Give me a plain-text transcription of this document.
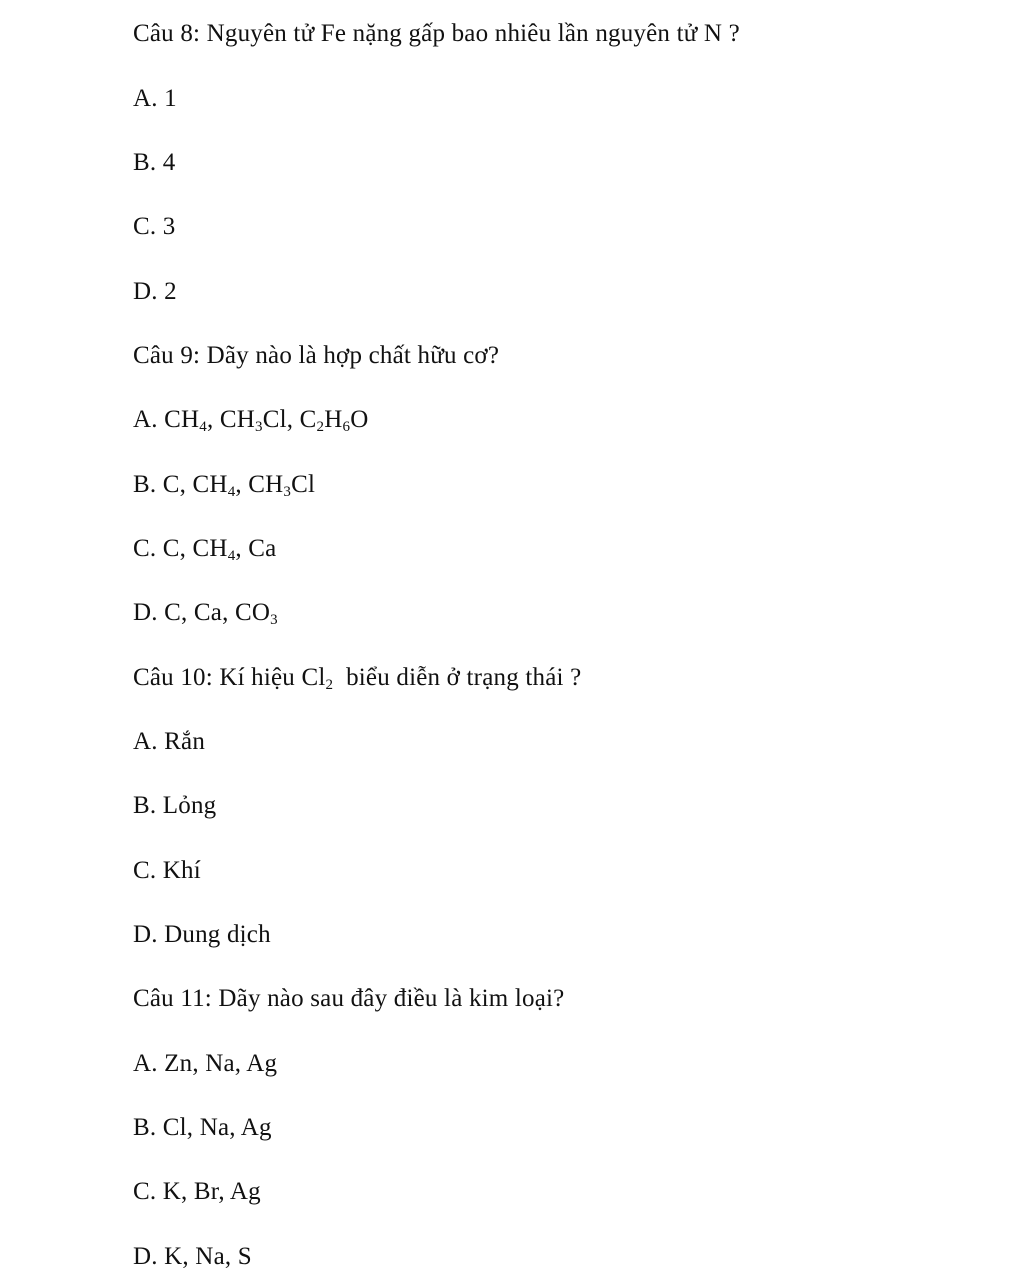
Câu 8: Nguyên tử Fe nặng gấp bao nhiêu lần nguyên tử N ?
A. 1
B. 4
C. 3
D. 2
Câu 9: Dãy nào là hợp chất hữu cơ?
A. $CH_4$, $CH_3Cl$, $C_2H_6O$
B. C, $CH_4$, $CH_3Cl$
C. C, $CH_4$, Ca
D. C, Ca, $CO_3$
Câu 10: Kí hiệu $Cl_2$  biểu diễn ở trạng thái ?
A. Rắn
B. Lỏng
C. Khí
D. Dung dịch
Câu 11: Dãy nào sau đây điều là kim loại?
A. Zn, Na, Ag
B. Cl, Na, Ag
C. K, Br, Ag
D. K, Na, S
